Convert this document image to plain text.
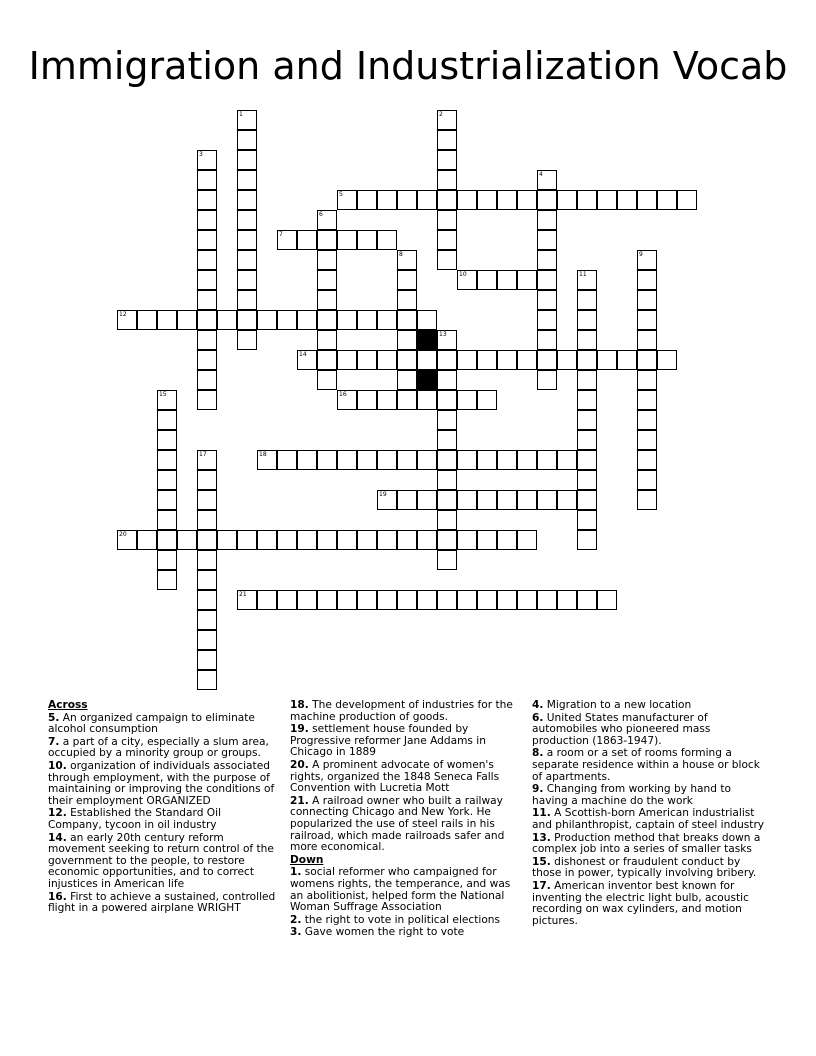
Immigration and Industrialization Vocab
1	2
3
4
5
6
7
8	9
10	11
12
13
14
15	16
17	18
19
20
21
Across
5. An organized campaign to eliminate alcohol consumption
7. a part of a city, especially a slum area, occupied by a minority group or groups.
10. organization of individuals associated through employment, with the purpose of maintaining or improving the conditions of their employment ORGANIZED
12. Established the Standard Oil Company, tycoon in oil industry
14. an early 20th century reform movement seeking to return control of the government to the people, to restore economic opportunities, and to correct injustices in American life
16. First to achieve a sustained, controlled flight in a powered airplane WRIGHT
18. The development of industries for the machine production of goods.
19. settlement house founded by Progressive reformer Jane Addams in Chicago in 1889
20. A prominent advocate of women's rights, organized the 1848 Seneca Falls Convention with Lucretia Mott
21. A railroad owner who built a railway connecting Chicago and New York. He popularized the use of steel rails in his railroad, which made railroads safer and more economical.
Down
1. social reformer who campaigned for womens rights, the temperance, and was an abolitionist, helped form the National Woman Suffrage Association
2. the right to vote in political elections
3. Gave women the right to vote
4. Migration to a new location
6. United States manufacturer of automobiles who pioneered mass production (1863-1947).
8. a room or a set of rooms forming a separate residence within a house or block of apartments.
9. Changing from working by hand to having a machine do the work
11. A Scottish-born American industrialist and philanthropist, captain of steel industry
13. Production method that breaks down a complex job into a series of smaller tasks
15. dishonest or fraudulent conduct by those in power, typically involving bribery.
17. American inventor best known for inventing the electric light bulb, acoustic recording on wax cylinders, and motion pictures.
